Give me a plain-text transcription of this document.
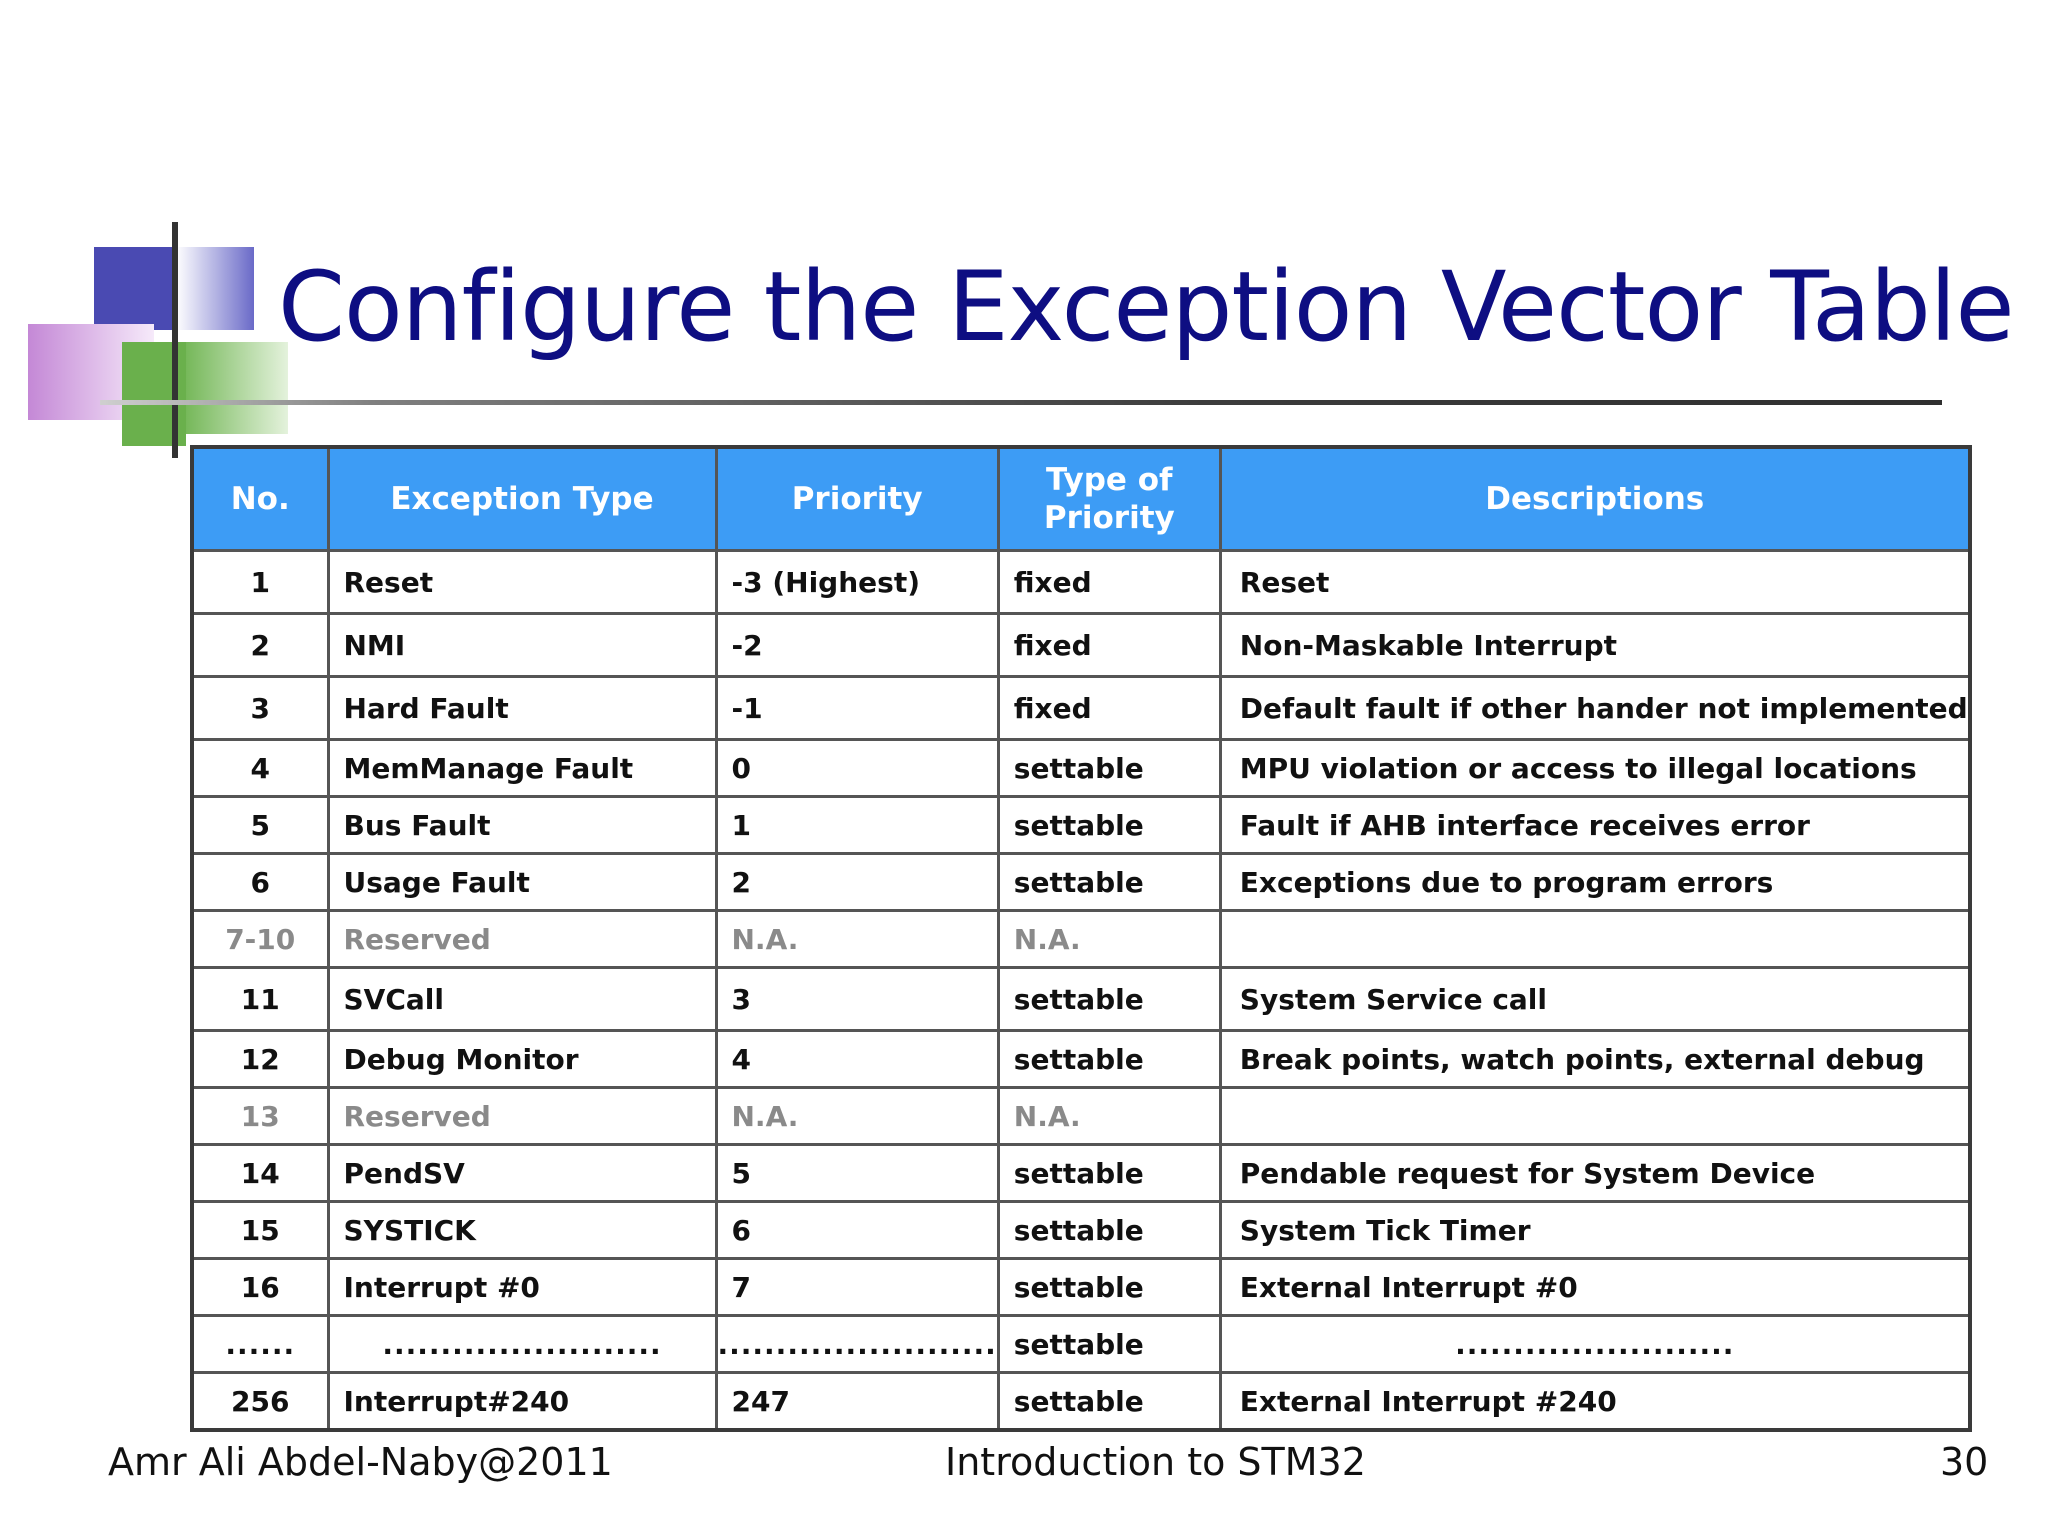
Configure the Exception Vector Table
No.	Exception Type	Priority	Type of Priority	Descriptions
1	Reset	-3 (Highest)	fixed	Reset
2	NMI	-2	fixed	Non-Maskable Interrupt
3	Hard Fault	-1	fixed	Default fault if other hander not implemented
4	MemManage Fault	0	settable	MPU violation or access to illegal locations
5	Bus Fault	1	settable	Fault if AHB interface receives error
6	Usage Fault	2	settable	Exceptions due to program errors
7-10	Reserved	N.A.	N.A.	
11	SVCall	3	settable	System Service call
12	Debug Monitor	4	settable	Break points, watch points, external debug
13	Reserved	N.A.	N.A.	
14	PendSV	5	settable	Pendable request for System Device
15	SYSTICK	6	settable	System Tick Timer
16	Interrupt #0	7	settable	External Interrupt #0
......	........................	........................	settable	........................
256	Interrupt#240	247	settable	External Interrupt #240
Amr Ali Abdel-Naby@2011	Introduction to STM32	30
